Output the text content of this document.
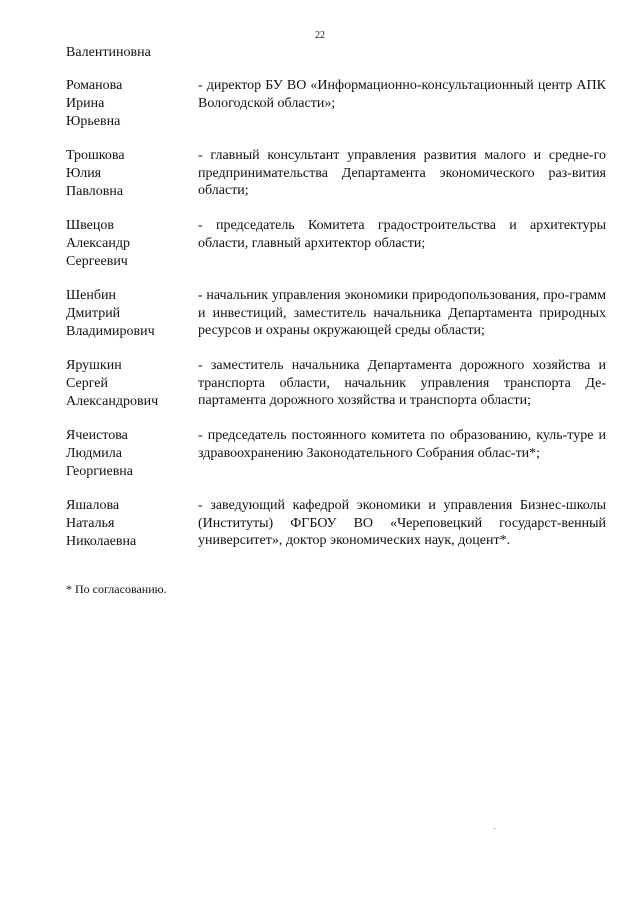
22
Валентиновна
Романова
Ирина
Юрьевна
- директор БУ ВО «Информационно-консультационный центр АПК Вологодской области»;
Трошкова
Юлия
Павловна
- главный консультант управления развития малого и средне-го предпринимательства Департамента экономического раз-вития области;
Швецов
Александр
Сергеевич
- председатель Комитета градостроительства и архитектуры области, главный архитектор области;
Шенбин
Дмитрий
Владимирович
- начальник управления экономики природопользования, про-грамм и инвестиций, заместитель начальника Департамента природных ресурсов и охраны окружающей среды области;
Ярушкин
Сергей
Александрович
- заместитель начальника Департамента дорожного хозяйства и транспорта области, начальник управления транспорта Де-партамента дорожного хозяйства и транспорта области;
Ячеистова
Людмила
Георгиевна
- председатель постоянного комитета по образованию, куль-туре и здравоохранению Законодательного Собрания облас-ти*;
Яшалова
Наталья
Николаевна
- заведующий кафедрой экономики и управления Бизнес-школы (Институты) ФГБОУ ВО «Череповецкий государст-венный университет», доктор экономических наук, доцент*.
* По согласованию.
